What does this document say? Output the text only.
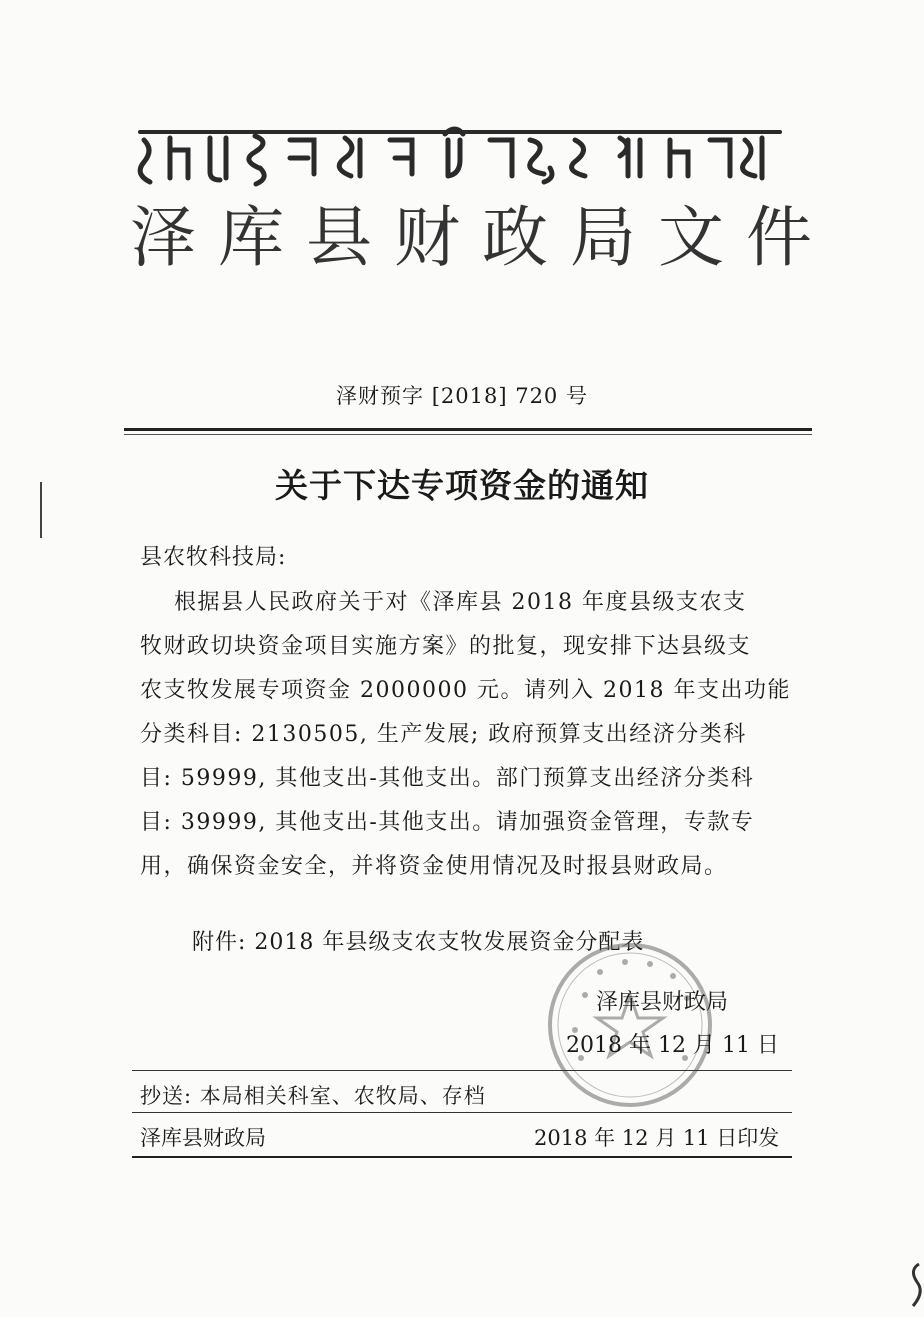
泽库县财政局文件
泽财预字 [2018] 720 号
关于下达专项资金的通知
县农牧科技局:
根据县人民政府关于对《泽库县 2018 年度县级支农支
牧财政切块资金项目实施方案》的批复，现安排下达县级支
农支牧发展专项资金 2000000 元。请列入 2018 年支出功能
分类科目: 2130505, 生产发展; 政府预算支出经济分类科
目: 59999, 其他支出-其他支出。部门预算支出经济分类科
目: 39999, 其他支出-其他支出。请加强资金管理，专款专
用，确保资金安全，并将资金使用情况及时报县财政局。
附件: 2018 年县级支农支牧发展资金分配表
泽库县财政局
2018 年 12 月 11 日
抄送: 本局相关科室、农牧局、存档
泽库县财政局	2018 年 12 月 11 日印发
